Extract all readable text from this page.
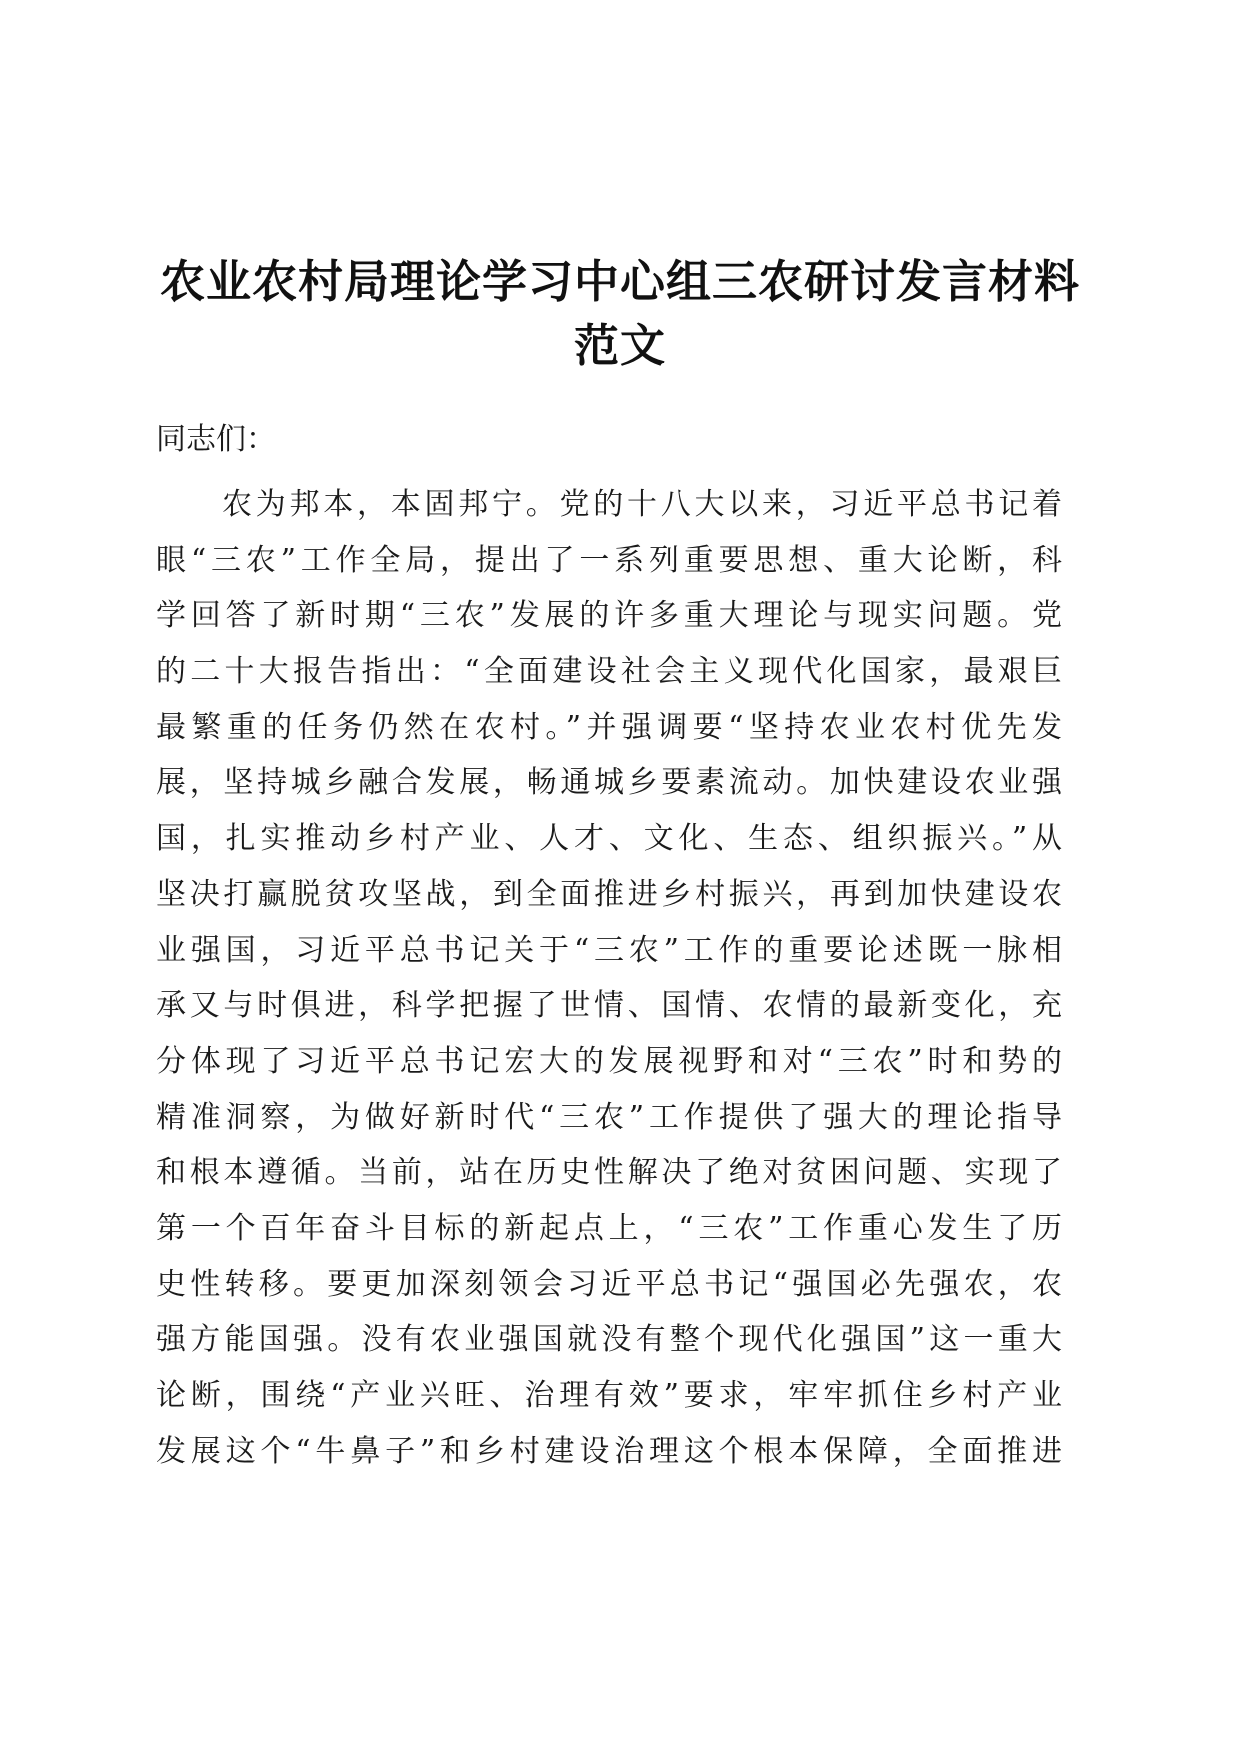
农业农村局理论学习中心组三农研讨发言材料
范文
同志们：
农为邦本，本固邦宁。党的十八大以来，习近平总书记着
眼“三农”工作全局，提出了一系列重要思想、重大论断，科
学回答了新时期“三农”发展的许多重大理论与现实问题。党
的二十大报告指出：“全面建设社会主义现代化国家，最艰巨
最繁重的任务仍然在农村。”并强调要“坚持农业农村优先发
展，坚持城乡融合发展，畅通城乡要素流动。加快建设农业强
国，扎实推动乡村产业、人才、文化、生态、组织振兴。”从
坚决打赢脱贫攻坚战，到全面推进乡村振兴，再到加快建设农
业强国，习近平总书记关于“三农”工作的重要论述既一脉相
承又与时俱进，科学把握了世情、国情、农情的最新变化，充
分体现了习近平总书记宏大的发展视野和对“三农”时和势的
精准洞察，为做好新时代“三农”工作提供了强大的理论指导
和根本遵循。当前，站在历史性解决了绝对贫困问题、实现了
第一个百年奋斗目标的新起点上，“三农”工作重心发生了历
史性转移。要更加深刻领会习近平总书记“强国必先强农，农
强方能国强。没有农业强国就没有整个现代化强国”这一重大
论断，围绕“产业兴旺、治理有效”要求，牢牢抓住乡村产业
发展这个“牛鼻子”和乡村建设治理这个根本保障，全面推进
